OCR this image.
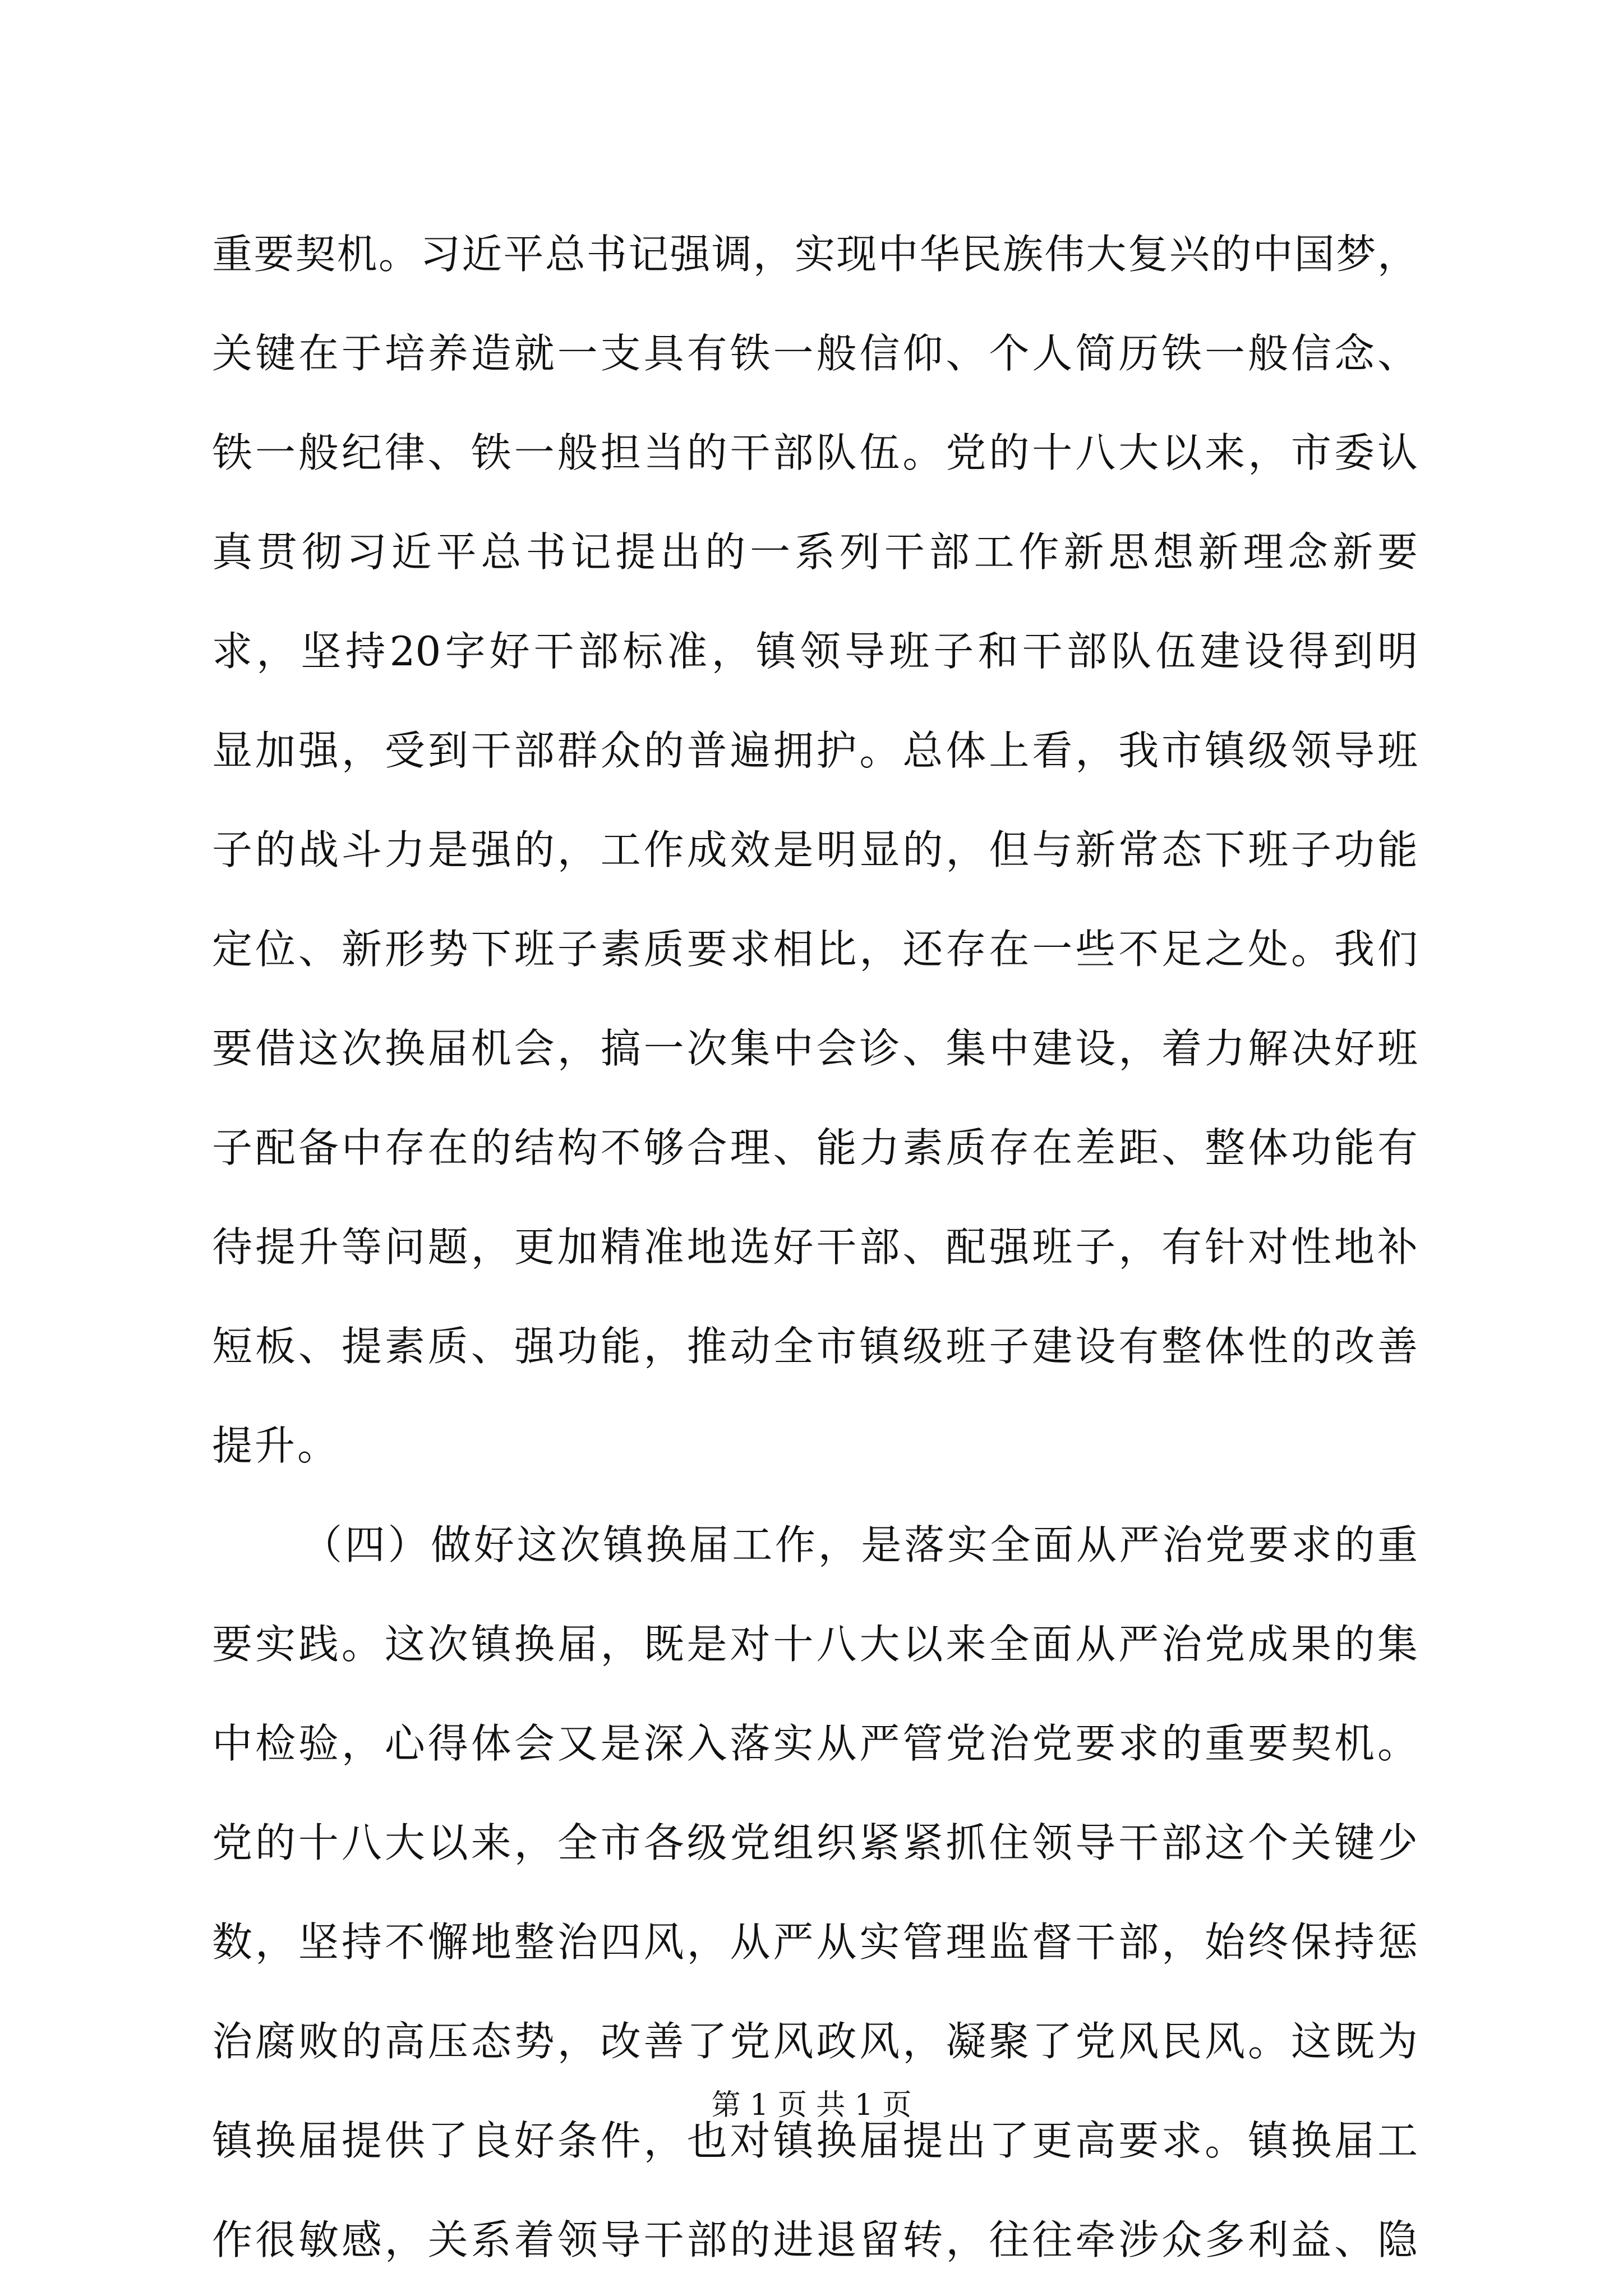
重要契机。习近平总书记强调，实现中华民族伟大复兴的中国梦，
关键在于培养造就一支具有铁一般信仰、个人简历铁一般信念、
铁一般纪律、铁一般担当的干部队伍。党的十八大以来，市委认
真贯彻习近平总书记提出的一系列干部工作新思想新理念新要
求，坚持20字好干部标准，镇领导班子和干部队伍建设得到明
显加强，受到干部群众的普遍拥护。总体上看，我市镇级领导班
子的战斗力是强的，工作成效是明显的，但与新常态下班子功能
定位、新形势下班子素质要求相比，还存在一些不足之处。我们
要借这次换届机会，搞一次集中会诊、集中建设，着力解决好班
子配备中存在的结构不够合理、能力素质存在差距、整体功能有
待提升等问题，更加精准地选好干部、配强班子，有针对性地补
短板、提素质、强功能，推动全市镇级班子建设有整体性的改善
提升。
（四）做好这次镇换届工作，是落实全面从严治党要求的重
要实践。这次镇换届，既是对十八大以来全面从严治党成果的集
中检验，心得体会又是深入落实从严管党治党要求的重要契机。
党的十八大以来，全市各级党组织紧紧抓住领导干部这个关键少
数，坚持不懈地整治四风，从严从实管理监督干部，始终保持惩
治腐败的高压态势，改善了党风政风，凝聚了党风民风。这既为
镇换届提供了良好条件，也对镇换届提出了更高要求。镇换届工
作很敏感，关系着领导干部的进退留转，往往牵涉众多利益、隐
第 1 页 共 1 页
